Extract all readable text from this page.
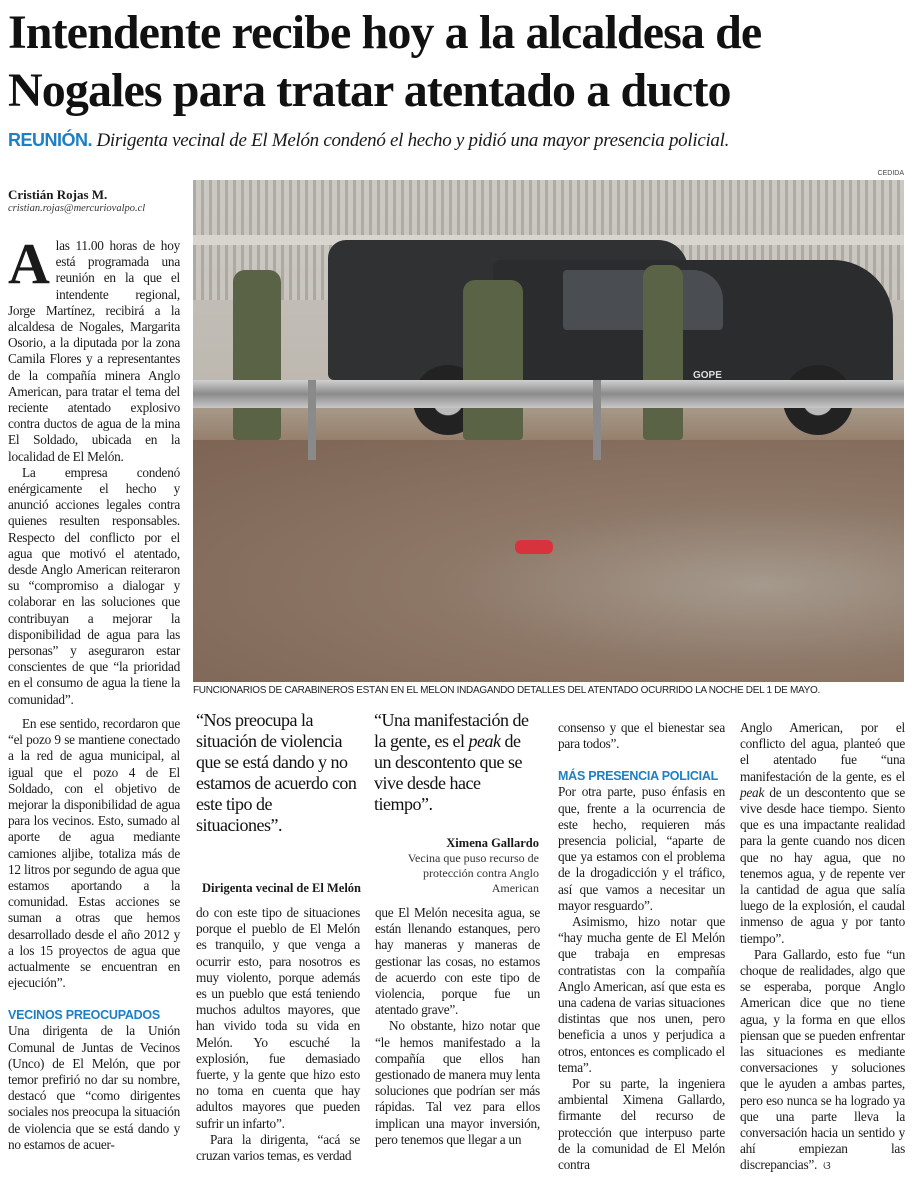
Intendente recibe hoy a la alcaldesa de Nogales para tratar atentado a ducto
REUNIÓN. Dirigenta vecinal de El Melón condenó el hecho y pidió una mayor presencia policial.
CEDIDA
GOPE
FUNCIONARIOS DE CARABINEROS ESTÁN EN EL MELÓN INDAGANDO DETALLES DEL ATENTADO OCURRIDO LA NOCHE DEL 1 DE MAYO.
Cristián Rojas M.
cristian.rojas@mercuriovalpo.cl

Alas 11.00 horas de hoy está programada una reunión en la que el intendente regional, Jorge Martínez, recibirá a la alcaldesa de Nogales, Margarita Osorio, a la diputada por la zona Camila Flores y a representantes de la compañía minera Anglo American, para tratar el tema del reciente atentado explosivo contra ductos de agua de la mina El Soldado, ubicada en la localidad de El Melón.

La empresa condenó enérgicamente el hecho y anunció acciones legales contra quienes resulten responsables. Respecto del conflicto por el agua que motivó el atentado, desde Anglo American reiteraron su “compromiso a dialogar y colaborar en las soluciones que contribuyan a mejorar la disponibilidad de agua para las personas” y aseguraron estar conscientes de que “la prioridad en el consumo de agua la tiene la comunidad”.

En ese sentido, recordaron que “el pozo 9 se mantiene conectado a la red de agua municipal, al igual que el pozo 4 de El Soldado, con el objetivo de mejorar la disponibilidad de agua para los vecinos. Esto, sumado al aporte de agua mediante camiones aljibe, totaliza más de 12 litros por segundo de agua que estamos aportando a la comunidad. Estas acciones se suman a otras que hemos desarrollado desde el año 2012 y a los 15 proyectos de agua que actualmente se encuentran en ejecución”.

VECINOS PREOCUPADOS

Una dirigenta de la Unión Comunal de Juntas de Vecinos (Unco) de El Melón, que por temor prefirió no dar su nombre, destacó que “como dirigentes sociales nos preocupa la situación de violencia que se está dando y no estamos de acuer-

“Nos preocupa la situación de violencia que se está dando y no estamos de acuerdo con este tipo de situaciones”.
Dirigenta vecinal de El Melón
“Una manifestación de la gente, es el peak de un descontento que se vive desde hace tiempo”.
Ximena Gallardo
Vecina que puso recurso de protección contra Anglo American

do con este tipo de situaciones porque el pueblo de El Melón es tranquilo, y que venga a ocurrir esto, para nosotros es muy violento, porque además es un pueblo que está teniendo muchos adultos mayores, que han vivido toda su vida en Melón. Yo escuché la explosión, fue demasiado fuerte, y la gente que hizo esto no toma en cuenta que hay adultos mayores que pueden sufrir un infarto”.

Para la dirigenta, “acá se cruzan varios temas, es verdad

que El Melón necesita agua, se están llenando estanques, pero hay maneras y maneras de gestionar las cosas, no estamos de acuerdo con este tipo de violencia, porque fue un atentado grave”.

No obstante, hizo notar que “le hemos manifestado a la compañía que ellos han gestionado de manera muy lenta soluciones que podrían ser más rápidas. Tal vez para ellos implican una mayor inversión, pero tenemos que llegar a un

consenso y que el bienestar sea para todos”.

MÁS PRESENCIA POLICIAL

Por otra parte, puso énfasis en que, frente a la ocurrencia de este hecho, requieren más presencia policial, “aparte de que ya estamos con el problema de la drogadicción y el tráfico, así que vamos a necesitar un mayor resguardo”.

Asimismo, hizo notar que “hay mucha gente de El Melón que trabaja en empresas contratistas con la compañía Anglo American, así que esta es una cadena de varias situaciones distintas que nos unen, pero beneficia a unos y perjudica a otros, entonces es complicado el tema”.

Por su parte, la ingeniera ambiental Ximena Gallardo, firmante del recurso de protección que interpuso parte de la comunidad de El Melón contra

Anglo American, por el conflicto del agua, planteó que el atentado fue “una manifestación de la gente, es el peak de un descontento que se vive desde hace tiempo. Siento que es una impactante realidad para la gente cuando nos dicen que no hay agua, que no tenemos agua, y de repente ver la cantidad de agua que salía luego de la explosión, el caudal inmenso de agua y por tanto tiempo”.

Para Gallardo, esto fue “un choque de realidades, algo que se esperaba, porque Anglo American dice que no tiene agua, y la forma en que ellos piensan que se pueden enfrentar las situaciones es mediante conversaciones y soluciones que le ayuden a ambas partes, pero eso nunca se ha logrado ya que una parte lleva la conversación hacia un sentido y ahí empiezan las discrepancias”. ଓ
